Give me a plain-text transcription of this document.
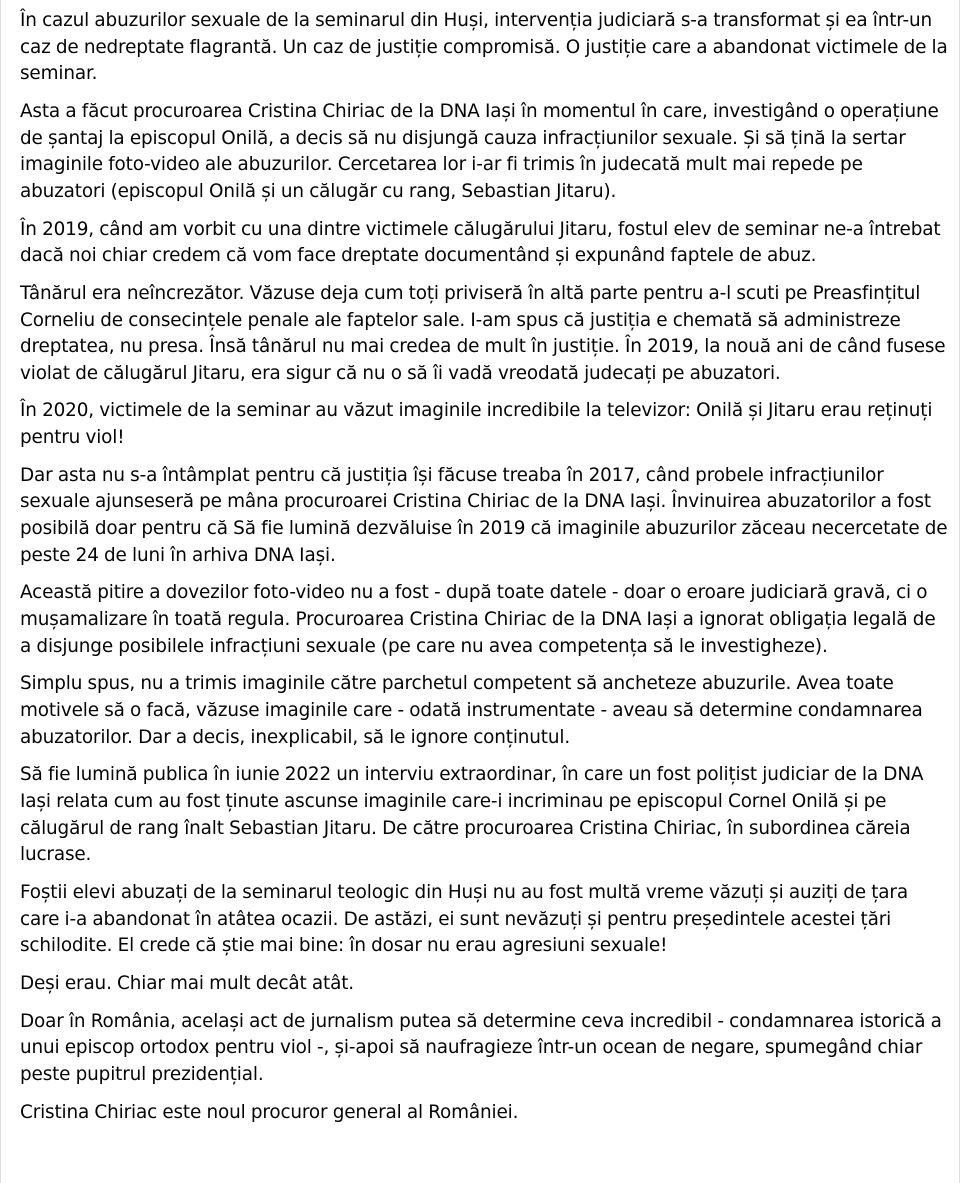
În cazul abuzurilor sexuale de la seminarul din Huși, intervenția judiciară s-a transformat și ea într-un caz de nedreptate flagrantă. Un caz de justiție compromisă. O justiție care a abandonat victimele de la seminar.

Asta a făcut procuroarea Cristina Chiriac de la DNA Iași în momentul în care, investigând o operațiune de șantaj la episcopul Onilă, a decis să nu disjungă cauza infracțiunilor sexuale. Și să țină la sertar imaginile foto-video ale abuzurilor. Cercetarea lor i-ar fi trimis în judecată mult mai repede pe abuzatori (episcopul Onilă și un călugăr cu rang, Sebastian Jitaru).

În 2019, când am vorbit cu una dintre victimele călugărului Jitaru, fostul elev de seminar ne-a întrebat dacă noi chiar credem că vom face dreptate documentând și expunând faptele de abuz.

Tânărul era neîncrezător. Văzuse deja cum toți priviseră în altă parte pentru a-l scuti pe Preasfințitul Corneliu de consecințele penale ale faptelor sale. I-am spus că justiția e chemată să administreze dreptatea, nu presa. Însă tânărul nu mai credea de mult în justiție. În 2019, la nouă ani de când fusese violat de călugărul Jitaru, era sigur că nu o să îi vadă vreodată judecați pe abuzatori.

În 2020, victimele de la seminar au văzut imaginile incredibile la televizor: Onilă și Jitaru erau reținuți pentru viol!

Dar asta nu s-a întâmplat pentru că justiția își făcuse treaba în 2017, când probele infracțiunilor sexuale ajunseseră pe mâna procuroarei Cristina Chiriac de la DNA Iași. Învinuirea abuzatorilor a fost posibilă doar pentru că Să fie lumină dezvăluise în 2019 că imaginile abuzurilor zăceau necercetate de peste 24 de luni în arhiva DNA Iași.

Această pitire a dovezilor foto-video nu a fost - după toate datele - doar o eroare judiciară gravă, ci o mușamalizare în toată regula. Procuroarea Cristina Chiriac de la DNA Iași a ignorat obligația legală de a disjunge posibilele infracțiuni sexuale (pe care nu avea competența să le investigheze).

Simplu spus, nu a trimis imaginile către parchetul competent să ancheteze abuzurile. Avea toate motivele să o facă, văzuse imaginile care - odată instrumentate - aveau să determine condamnarea abuzatorilor. Dar a decis, inexplicabil, să le ignore conținutul.

Să fie lumină publica în iunie 2022 un interviu extraordinar, în care un fost polițist judiciar de la DNA Iași relata cum au fost ținute ascunse imaginile care-i incriminau pe episcopul Cornel Onilă și pe călugărul de rang înalt Sebastian Jitaru. De către procuroarea Cristina Chiriac, în subordinea căreia lucrase.

Foștii elevi abuzați de la seminarul teologic din Huși nu au fost multă vreme văzuți și auziți de țara care i-a abandonat în atâtea ocazii. De astăzi, ei sunt nevăzuți și pentru președintele acestei țări schilodite. El crede că știe mai bine: în dosar nu erau agresiuni sexuale!

Deși erau. Chiar mai mult decât atât.

Doar în România, același act de jurnalism putea să determine ceva incredibil - condamnarea istorică a unui episcop ortodox pentru viol -, și-apoi să naufragieze într-un ocean de negare, spumegând chiar peste pupitrul prezidențial.

Cristina Chiriac este noul procuror general al României.
